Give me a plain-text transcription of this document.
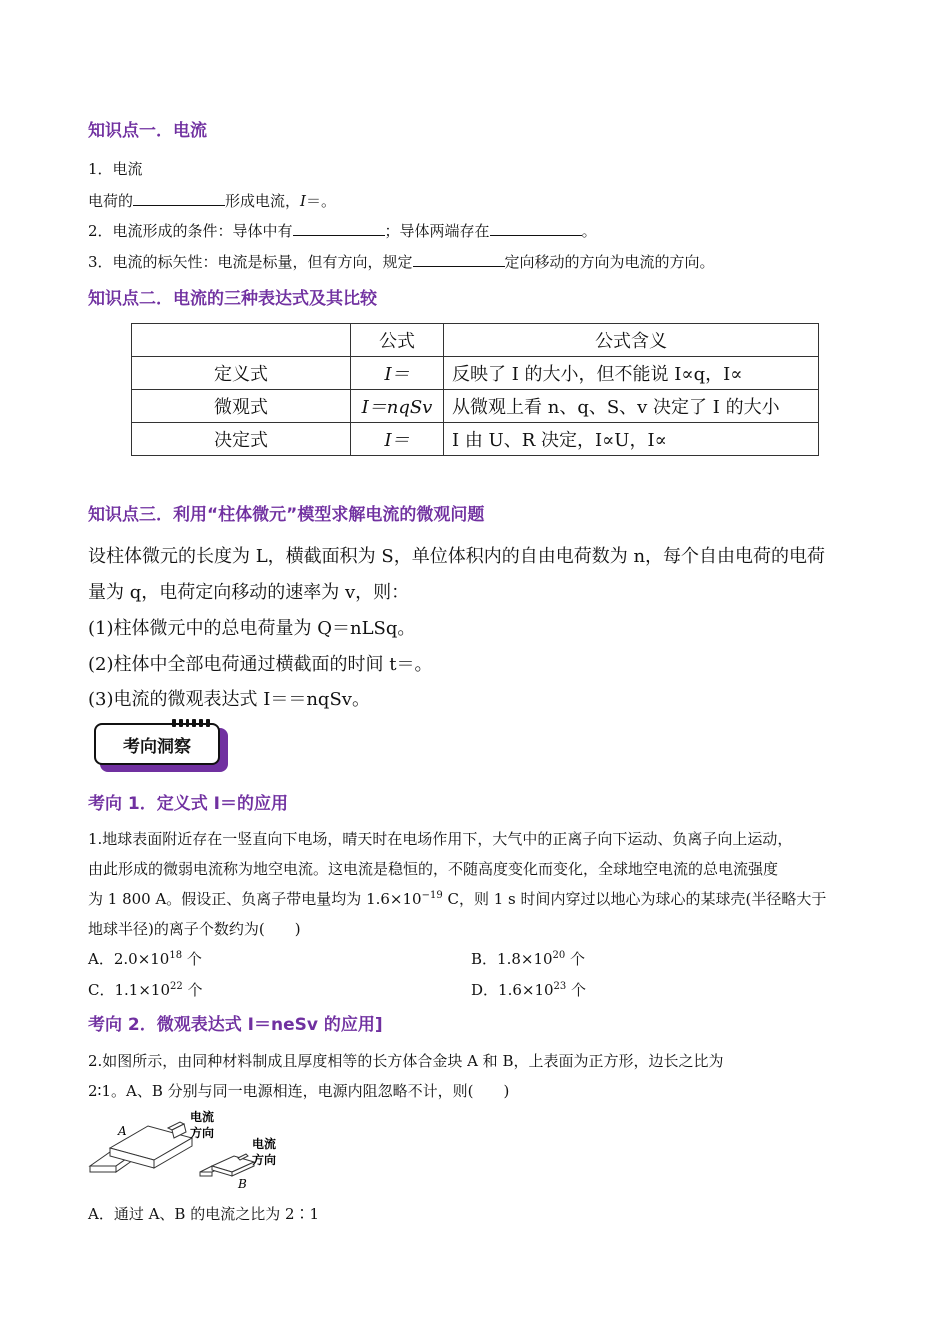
知识点一．电流
1．电流
电荷的	形成电流，I＝。
2．电流形成的条件：导体中有	；导体两端存在	。
3．电流的标矢性：电流是标量，但有方向，规定	定向移动的方向为电流的方向。
知识点二．电流的三种表达式及其比较
	公式	公式含义
定义式	I＝	反映了 I 的大小，但不能说 I∝q，I∝
微观式	I＝nqSv	从微观上看 n、q、S、v 决定了 I 的大小
决定式	I＝	I 由 U、R 决定，I∝U，I∝
知识点三．利用“柱体微元”模型求解电流的微观问题
设柱体微元的长度为 L，横截面积为 S，单位体积内的自由电荷数为 n，每个自由电荷的电荷
量为 q，电荷定向移动的速率为 v，则：
(1)柱体微元中的总电荷量为 Q＝nLSq。
(2)柱体中全部电荷通过横截面的时间 t＝。
(3)电流的微观表达式 I＝＝nqSv。
考向洞察
考向 1．定义式 I＝的应用
1.地球表面附近存在一竖直向下电场，晴天时在电场作用下，大气中的正离子向下运动、负离子向上运动，
由此形成的微弱电流称为地空电流。这电流是稳恒的，不随高度变化而变化，全球地空电流的总电流强度
为 1 800 A。假设正、负离子带电量均为 $1.6\times 10^{-19}$ C，则 1 s 时间内穿过以地心为球心的某球壳(半径略大于
地球半径)的离子个数约为(　　)
A．$2.0\times 10^{18}$ 个	B．$1.8\times 10^{20}$ 个
C．$1.1\times 10^{22}$ 个	D．$1.6\times 10^{23}$ 个
考向 2．微观表达式 I＝neSv 的应用]
2.如图所示，由同种材料制成且厚度相等的长方体合金块 A 和 B，上表面为正方形，边长之比为
2∶1。A、B 分别与同一电源相连，电源内阻忽略不计，则(　　)
A
B
电流
方向
电流
方向
A．通过 A、B 的电流之比为 2∶1
